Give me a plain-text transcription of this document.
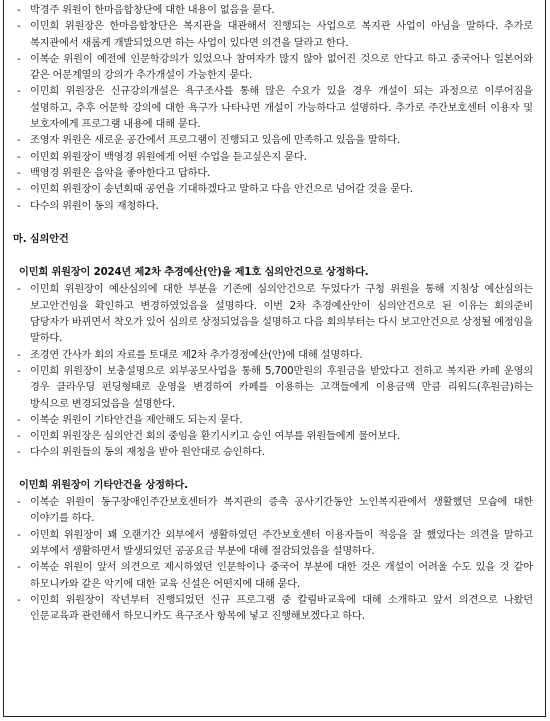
- 박경주 위원이 한마음합창단에 대한 내용이 없음을 묻다.
- 이민희 위원장은 한마음합창단은 복지관을 대관해서 진행되는 사업으로 복지관 사업이 아님을 말하다. 추가로 복지관에서 새롭게 개발되었으면 하는 사업이 있다면 의견을 달라고 한다.
- 이복순 위원이 예전에 인문학강의가 있었으나 참여자가 많지 않아 없어진 것으로 안다고 하고 중국어나 일본어와 같은 어문계열의 강의가 추가개설이 가능한지 묻다.
- 이민희 위원장은 신규강의개설은 욕구조사를 통해 많은 수요가 있을 경우 개설이 되는 과정으로 이루어짐을 설명하고, 추후 어문학 강의에 대한 욕구가 나타나면 개설이 가능하다고 설명하다. 추가로 주간보호센터 이용자 및 보호자에게 프로그램 내용에 대해 묻다.
- 조영자 위원은 새로운 공간에서 프로그램이 진행되고 있음에 만족하고 있음을 말하다.
- 이민희 위원장이 백영경 위원에게 어떤 수업을 듣고싶은지 묻다.
- 백영경 위원은 음악을 좋아한다고 답하다.
- 이민희 위원장이 송년회때 공연을 기대하겠다고 말하고 다음 안건으로 넘어갈 것을 묻다.
- 다수의 위원이 동의 재청하다.
마. 심의안건
이민희 위원장이 2024년 제2차 추경예산(안)을 제1호 심의안건으로 상정하다.
- 이민희 위원장이 예산심의에 대한 부분을 기존에 심의안건으로 두었다가 구청 위원을 통해 지침상 예산심의는 보고안건임을 확인하고 변경하였었음을 설명하다. 이번 2차 추경예산안이 심의안건으로 된 이유는 회의준비 담당자가 바뀌면서 착오가 있어 심의로 상정되었음을 설명하고 다음 회의부터는 다시 보고안건으로 상정될 예정임을 말하다.
- 조경연 간사가 회의 자료를 토대로 제2차 추가경정예산(안)에 대해 설명하다.
- 이민희 위원장이 보충설명으로 외부공모사업을 통해 5,700만원의 후원금을 받았다고 전하고 복지관 카페 운영의 경우 클라우딩 펀딩형태로 운영을 변경하여 카페를 이용하는 고객들에게 이용금액 만큼 리워드(후원금)하는 방식으로 변경되었음을 설명한다.
- 이복순 위원이 기타안건을 제안해도 되는지 묻다.
- 이민희 위원장은 심의안건 회의 중임을 환기시키고 승인 여부를 위원들에게 물어보다.
- 다수의 위원들의 동의 재청을 받아 원안대로 승인하다.
이민희 위원장이 기타안건을 상정하다.
- 이복순 위원이 동구장애인주간보호센터가 복지관의 증축 공사기간동안 노인복지관에서 생활했던 모습에 대한 이야기를 하다.
- 이민희 위원장이 꽤 오랜기간 외부에서 생활하였던 주간보호센터 이용자들이 적응을 잘 했었다는 의견을 말하고 외부에서 생활하면서 발생되었던 공공요금 부분에 대해 절감되었음을 설명하다.
- 이복순 위원이 앞서 의견으로 제시하였던 인문학이나 중국어 부분에 대한 것은 개설이 어려울 수도 있을 것 같아 하모니카와 같은 악기에 대한 교육 신설은 어떤지에 대해 묻다.
- 이민희 위원장이 작년부터 진행되었던 신규 프로그램 중 칼림바교육에 대해 소개하고 앞서 의견으로 나왔던 인문교육과 관련해서 하모니카도 욕구조사 항목에 넣고 진행해보겠다고 하다.
